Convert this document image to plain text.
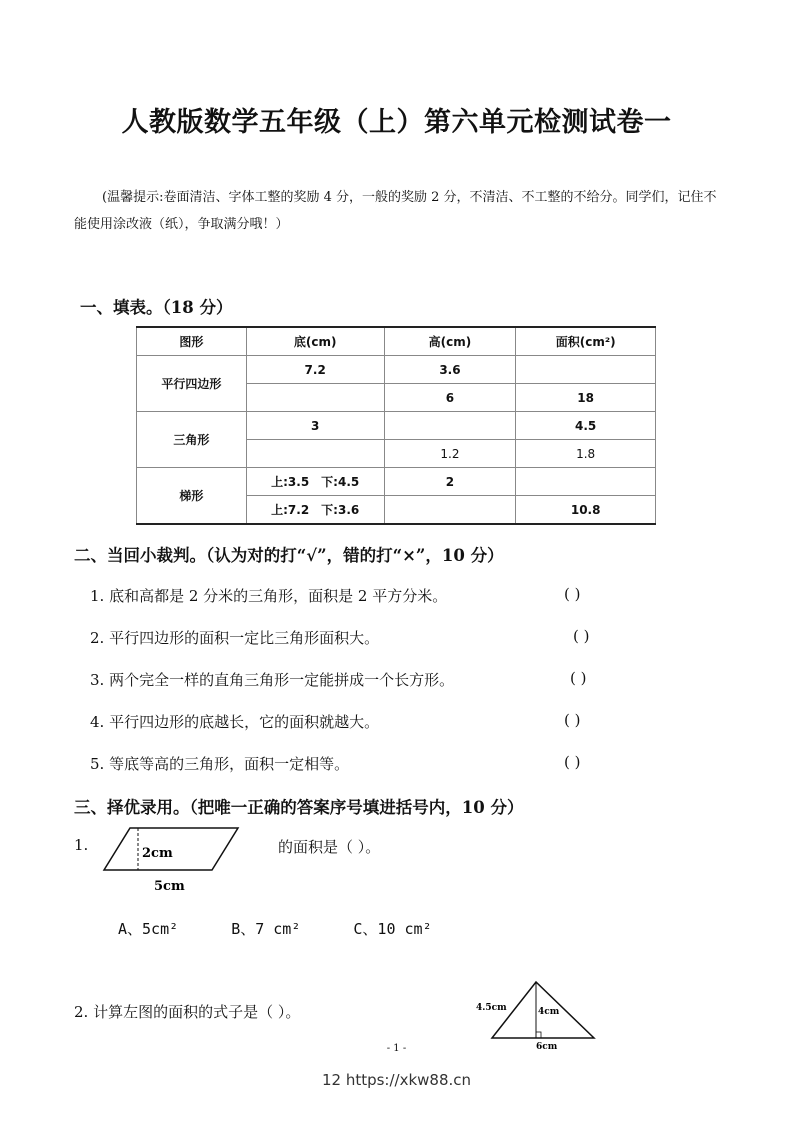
人教版数学五年级（上）第六单元检测试卷一
(温馨提示:卷面清洁、字体工整的奖励 4 分，一般的奖励 2 分，不清洁、不工整的不给分。同学们，记住不能使用涂改液（纸），争取满分哦！）
一、填表。（18 分）
图形	底(cm)	高(cm)	面积(cm²)
平行四边形	7.2	3.6	
		6	18
三角形	3		4.5
		1.2	1.8
梯形	上:3.5　下:4.5	2	
	上:7.2　下:3.6		10.8
二、当回小裁判。（认为对的打“√”，错的打“×”，10 分）
1. 底和高都是 2 分米的三角形，面积是 2 平方分米。	( )
2. 平行四边形的面积一定比三角形面积大。	( )
3. 两个完全一样的直角三角形一定能拼成一个长方形。	( )
4. 平行四边形的底越长，它的面积就越大。	( )
5. 等底等高的三角形，面积一定相等。	( )
三、择优录用。（把唯一正确的答案序号填进括号内，10 分）
1.	2cm
5cm
的面积是（ ）。
A、5cm²	B、7 cm²	C、10 cm²
2. 计算左图的面积的式子是（ ）。	4.5cm	4cm
6cm
- 1 -
12 https://xkw88.cn
